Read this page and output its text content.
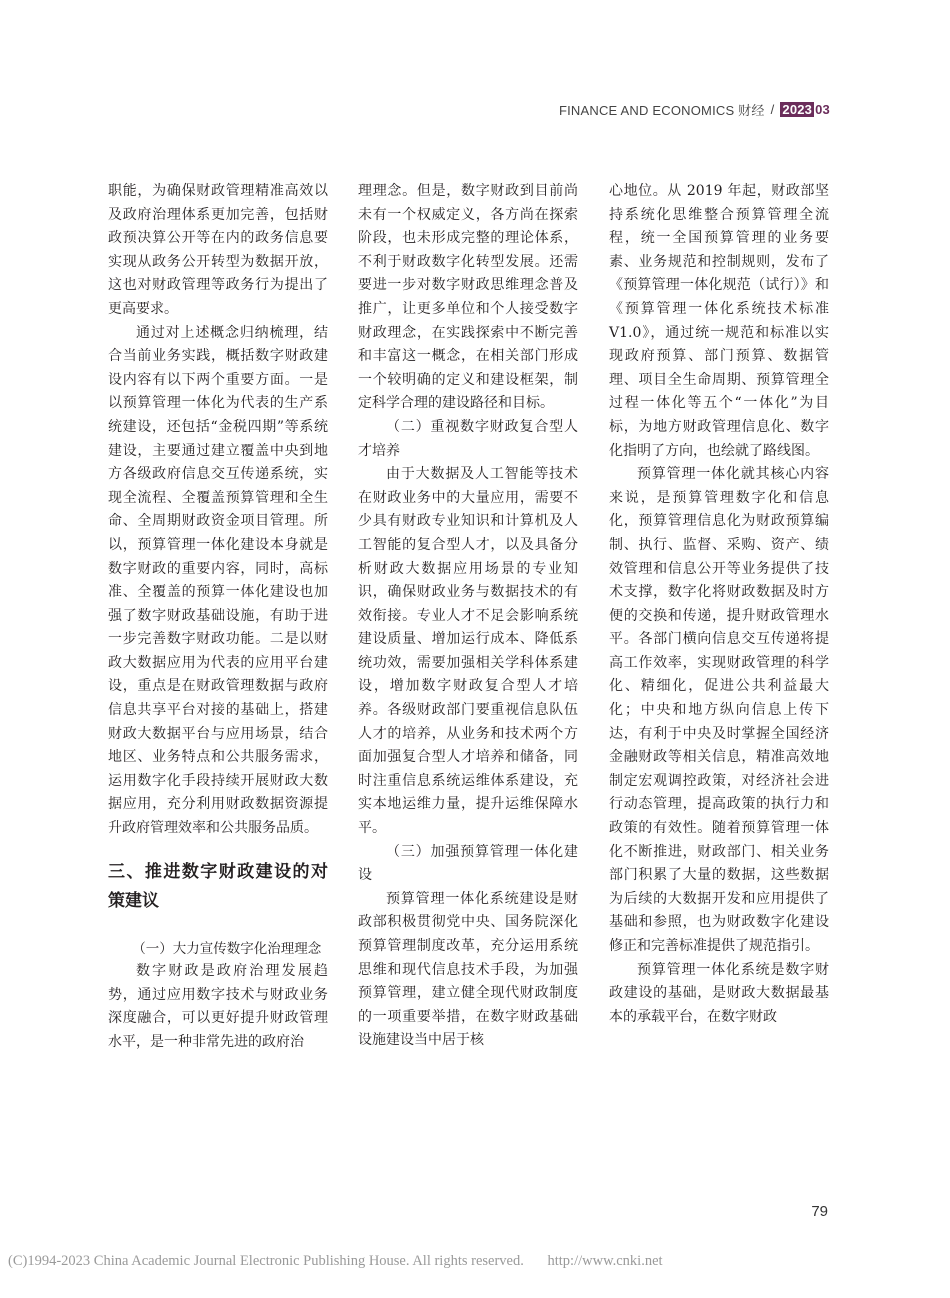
FINANCE AND ECONOMICS 财经 / 2023 03

职能，为确保财政管理精准高效以及政府治理体系更加完善，包括财政预决算公开等在内的政务信息要实现从政务公开转型为数据开放，这也对财政管理等政务行为提出了更高要求。

通过对上述概念归纳梳理，结合当前业务实践，概括数字财政建设内容有以下两个重要方面。一是以预算管理一体化为代表的生产系统建设，还包括“金税四期”等系统建设，主要通过建立覆盖中央到地方各级政府信息交互传递系统，实现全流程、全覆盖预算管理和全生命、全周期财政资金项目管理。所以，预算管理一体化建设本身就是数字财政的重要内容，同时，高标准、全覆盖的预算一体化建设也加强了数字财政基础设施，有助于进一步完善数字财政功能。二是以财政大数据应用为代表的应用平台建设，重点是在财政管理数据与政府信息共享平台对接的基础上，搭建财政大数据平台与应用场景，结合地区、业务特点和公共服务需求，运用数字化手段持续开展财政大数据应用，充分利用财政数据资源提升政府管理效率和公共服务品质。

三、推进数字财政建设的对策建议
（一）大力宣传数字化治理理念

数字财政是政府治理发展趋势，通过应用数字技术与财政业务深度融合，可以更好提升财政管理水平，是一种非常先进的政府治

理理念。但是，数字财政到目前尚未有一个权威定义，各方尚在探索阶段，也未形成完整的理论体系，不利于财政数字化转型发展。还需要进一步对数字财政思维理念普及推广，让更多单位和个人接受数字财政理念，在实践探索中不断完善和丰富这一概念，在相关部门形成一个较明确的定义和建设框架，制定科学合理的建设路径和目标。

（二）重视数字财政复合型人才培养

由于大数据及人工智能等技术在财政业务中的大量应用，需要不少具有财政专业知识和计算机及人工智能的复合型人才，以及具备分析财政大数据应用场景的专业知识，确保财政业务与数据技术的有效衔接。专业人才不足会影响系统建设质量、增加运行成本、降低系统功效，需要加强相关学科体系建设，增加数字财政复合型人才培养。各级财政部门要重视信息队伍人才的培养，从业务和技术两个方面加强复合型人才培养和储备，同时注重信息系统运维体系建设，充实本地运维力量，提升运维保障水平。

（三）加强预算管理一体化建设

预算管理一体化系统建设是财政部积极贯彻党中央、国务院深化预算管理制度改革，充分运用系统思维和现代信息技术手段，为加强预算管理，建立健全现代财政制度的一项重要举措，在数字财政基础设施建设当中居于核

心地位。从 2019 年起，财政部坚持系统化思维整合预算管理全流程，统一全国预算管理的业务要素、业务规范和控制规则，发布了《预算管理一体化规范（试行）》和《预算管理一体化系统技术标准 V1.0》，通过统一规范和标准以实现政府预算、部门预算、数据管理、项目全生命周期、预算管理全过程一体化等五个“一体化”为目标，为地方财政管理信息化、数字化指明了方向，也绘就了路线图。

预算管理一体化就其核心内容来说，是预算管理数字化和信息化，预算管理信息化为财政预算编制、执行、监督、采购、资产、绩效管理和信息公开等业务提供了技术支撑，数字化将财政数据及时方便的交换和传递，提升财政管理水平。各部门横向信息交互传递将提高工作效率，实现财政管理的科学化、精细化，促进公共利益最大化；中央和地方纵向信息上传下达，有利于中央及时掌握全国经济金融财政等相关信息，精准高效地制定宏观调控政策，对经济社会进行动态管理，提高政策的执行力和政策的有效性。随着预算管理一体化不断推进，财政部门、相关业务部门积累了大量的数据，这些数据为后续的大数据开发和应用提供了基础和参照，也为财政数字化建设修正和完善标准提供了规范指引。

预算管理一体化系统是数字财政建设的基础，是财政大数据最基本的承载平台，在数字财政

79
(C)1994-2023 China Academic Journal Electronic Publishing House. All rights reserved. http://www.cnki.net
